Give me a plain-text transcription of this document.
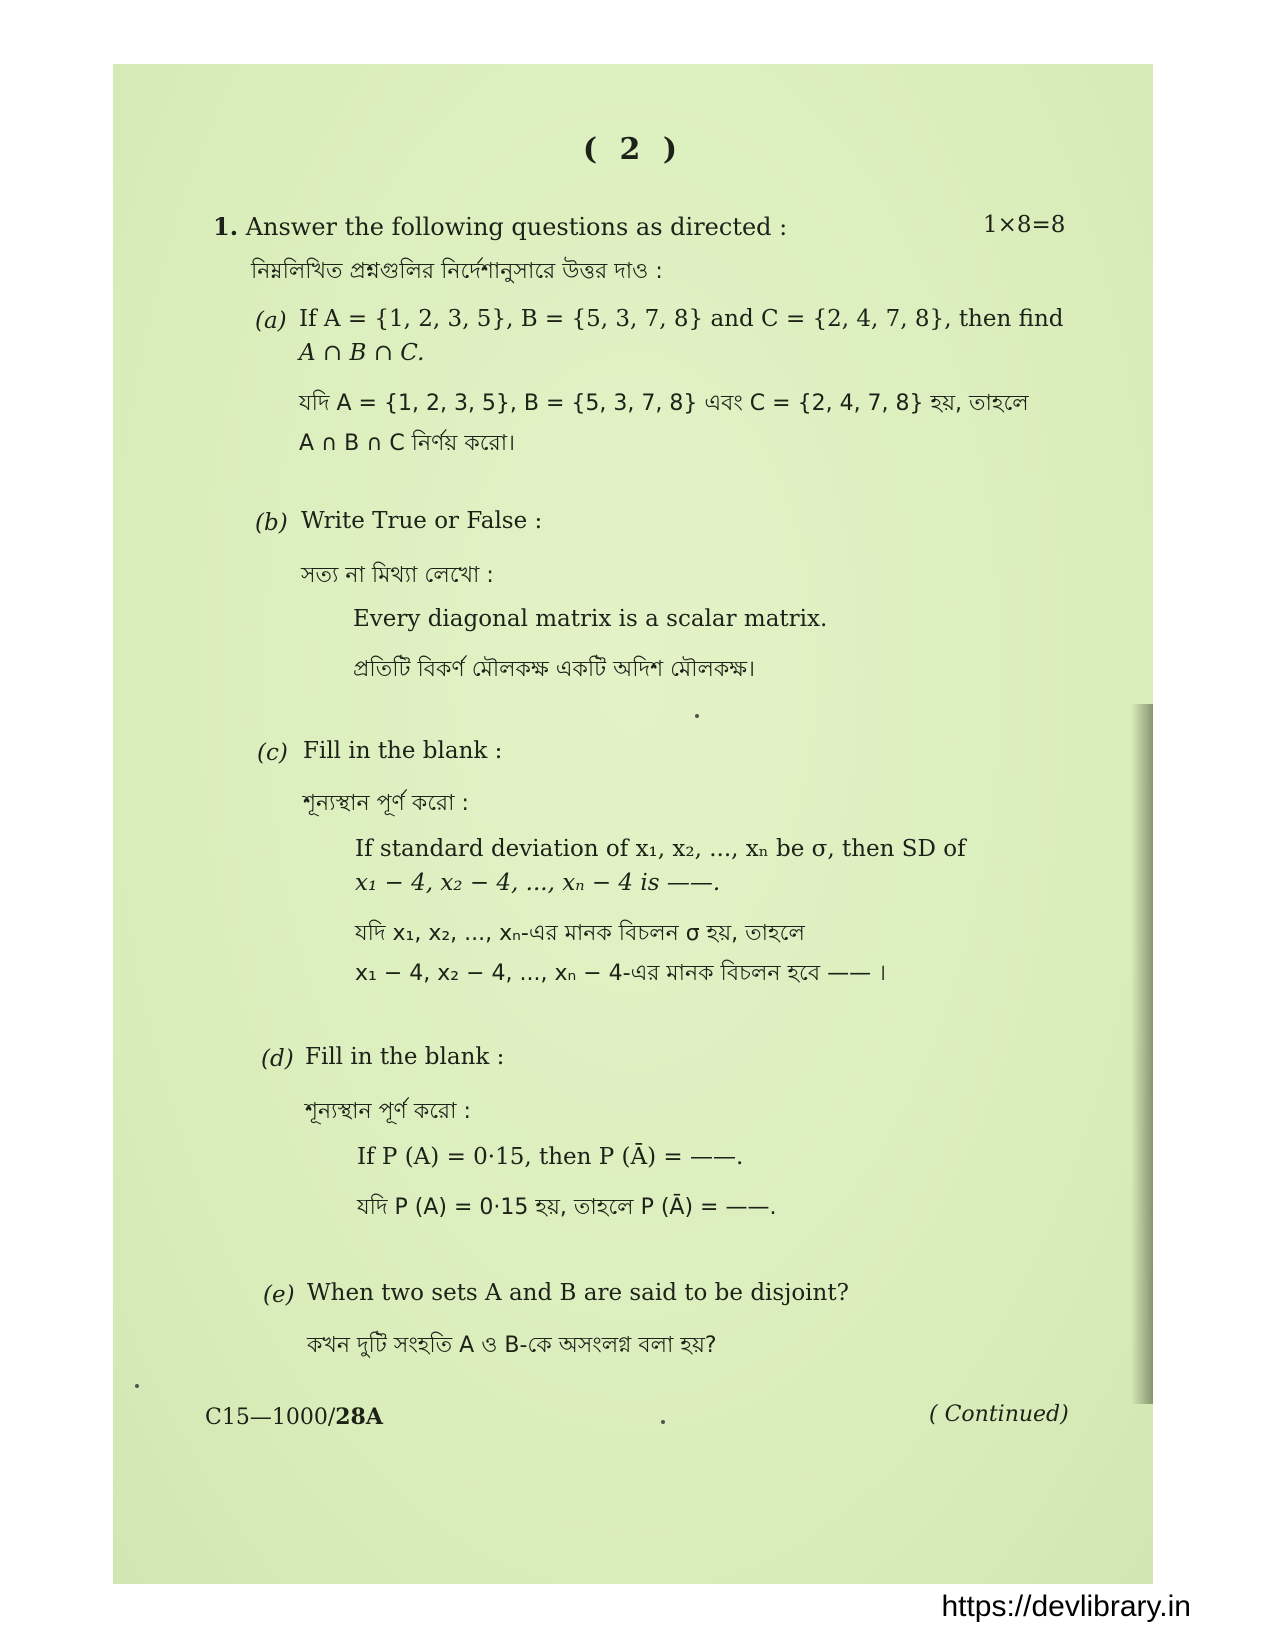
( 2 )
1. Answer the following questions as directed :	1×8=8
নিম্নলিখিত প্রশ্নগুলির নির্দেশানুসারে উত্তর দাও :
(a) If A = {1, 2, 3, 5}, B = {5, 3, 7, 8} and C = {2, 4, 7, 8}, then find
A ∩ B ∩ C.
যদি A = {1, 2, 3, 5}, B = {5, 3, 7, 8} এবং C = {2, 4, 7, 8} হয়, তাহলে
A ∩ B ∩ C নির্ণয় করো।
(b) Write True or False :
সত্য না মিথ্যা লেখো :
Every diagonal matrix is a scalar matrix.
প্রতিটি বিকর্ণ মৌলকক্ষ একটি অদিশ মৌলকক্ষ।
(c) Fill in the blank :
শূন্যস্থান পূর্ণ করো :
If standard deviation of x₁, x₂, ..., xₙ be σ, then SD of
x₁ − 4, x₂ − 4, ..., xₙ − 4 is ——.
যদি x₁, x₂, ..., xₙ-এর মানক বিচলন σ হয়, তাহলে
x₁ − 4, x₂ − 4, ..., xₙ − 4-এর মানক বিচলন হবে —— ।
(d) Fill in the blank :
শূন্যস্থান পূর্ণ করো :
If P (A) = 0·15, then P (Ā) = ——.
যদি P (A) = 0·15 হয়, তাহলে P (Ā) = ——.
(e) When two sets A and B are said to be disjoint?
কখন দুটি সংহতি A ও B-কে অসংলগ্ন বলা হয়?
C15—1000/28A	( Continued)
https://devlibrary.in
